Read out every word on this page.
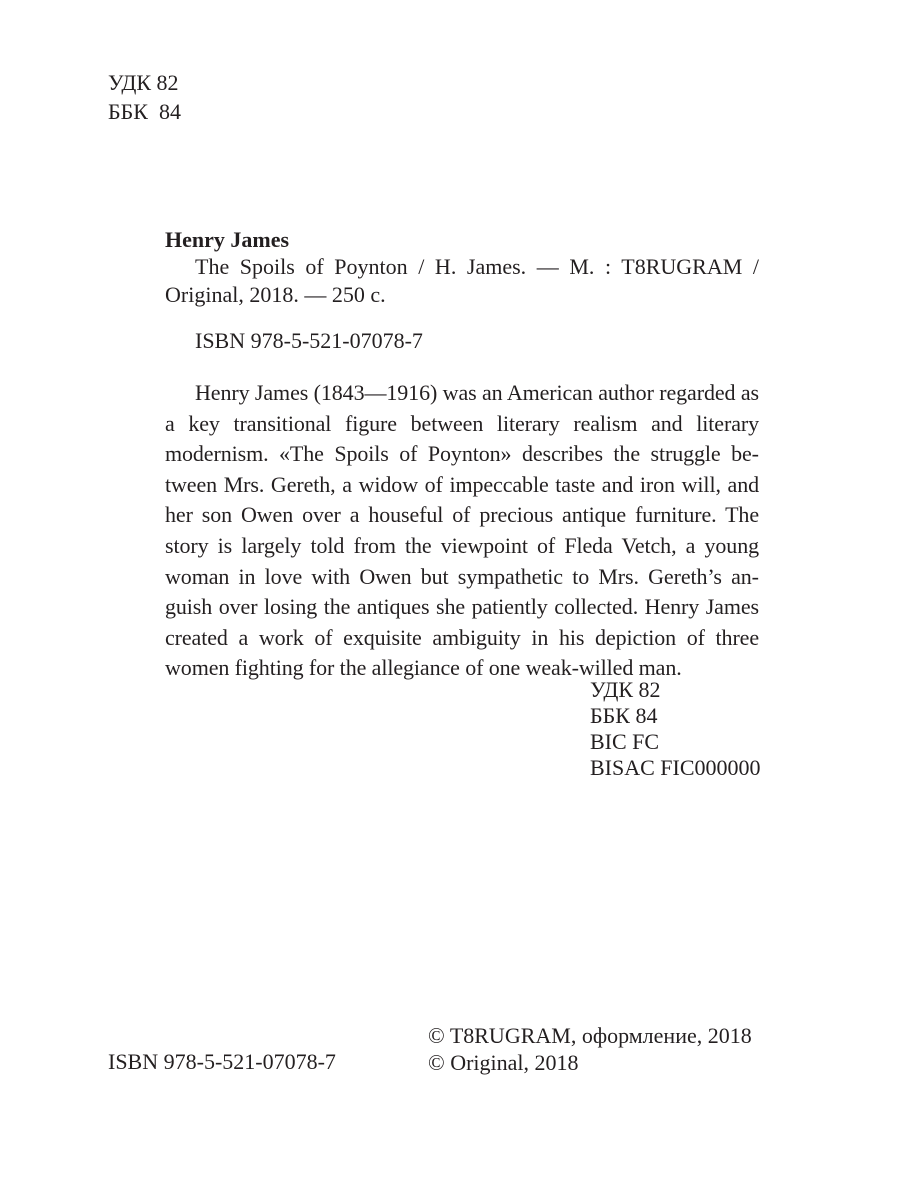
УДК 82
ББК  84
Henry James
The Spoils of Poynton / H. James. — M. : T8RUGRAM / Original, 2018. — 250 c.
ISBN 978-5-521-07078-7
Henry James (1843—1916) was an American author regarded as a key transitional figure between literary realism and literary modernism. «The Spoils of Poynton» describes the struggle between Mrs. Gereth, a widow of impeccable taste and iron will, and her son Owen over a houseful of precious antique furniture. The story is largely told from the viewpoint of Fleda Vetch, a young woman in love with Owen but sympathetic to Mrs. Gereth’s anguish over losing the antiques she patiently collected. Henry James created a work of exquisite ambiguity in his depiction of three women fighting for the allegiance of one weak-willed man.
УДК 82
ББК 84
BIC FC
BISAC FIC000000
ISBN 978-5-521-07078-7
© T8RUGRAM, оформление, 2018
© Original, 2018
